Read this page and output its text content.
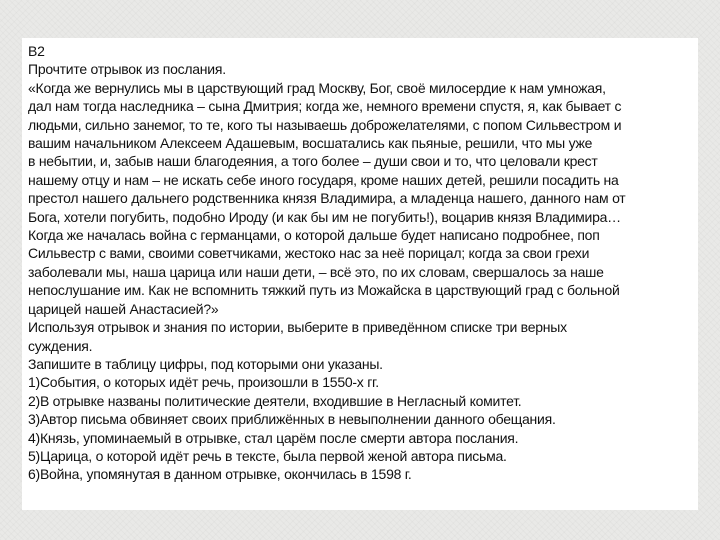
B2
Прочтите отрывок из послания.
«Когда же вернулись мы в царствующий град Москву, Бог, своё милосердие к нам умножая,
дал нам тогда наследника – сына Дмитрия; когда же, немного времени спустя, я, как бывает с
людьми, сильно занемог, то те, кого ты называешь доброжелателями, с попом Сильвестром и
вашим начальником Алексеем Адашевым, восшатались как пьяные, решили, что мы уже
в небытии, и, забыв наши благодеяния, а того более – души свои и то, что целовали крест
нашему отцу и нам – не искать себе иного государя, кроме наших детей, решили посадить на
престол нашего дальнего родственника князя Владимира, а младенца нашего, данного нам от
Бога, хотели погубить, подобно Ироду (и как бы им не погубить!), воцарив князя Владимира…
Когда же началась война с германцами, о которой дальше будет написано подробнее, поп
Сильвестр с вами, своими советчиками, жестоко нас за неё порицал; когда за свои грехи
заболевали мы, наша царица или наши дети, – всё это, по их словам, свершалось за наше
непослушание им. Как не вспомнить тяжкий путь из Можайска в царствующий град с больной
царицей нашей Анастасией?»
Используя отрывок и знания по истории, выберите в приведённом списке три верных
суждения.
Запишите в таблицу цифры, под которыми они указаны.
1)События, о которых идёт речь, произошли в 1550-х гг.
2)В отрывке названы политические деятели, входившие в Негласный комитет.
3)Автор письма обвиняет своих приближённых в невыполнении данного обещания.
4)Князь, упоминаемый в отрывке, стал царём после смерти автора послания.
5)Царица, о которой идёт речь в тексте, была первой женой автора письма.
6)Война, упомянутая в данном отрывке, окончилась в 1598 г.
